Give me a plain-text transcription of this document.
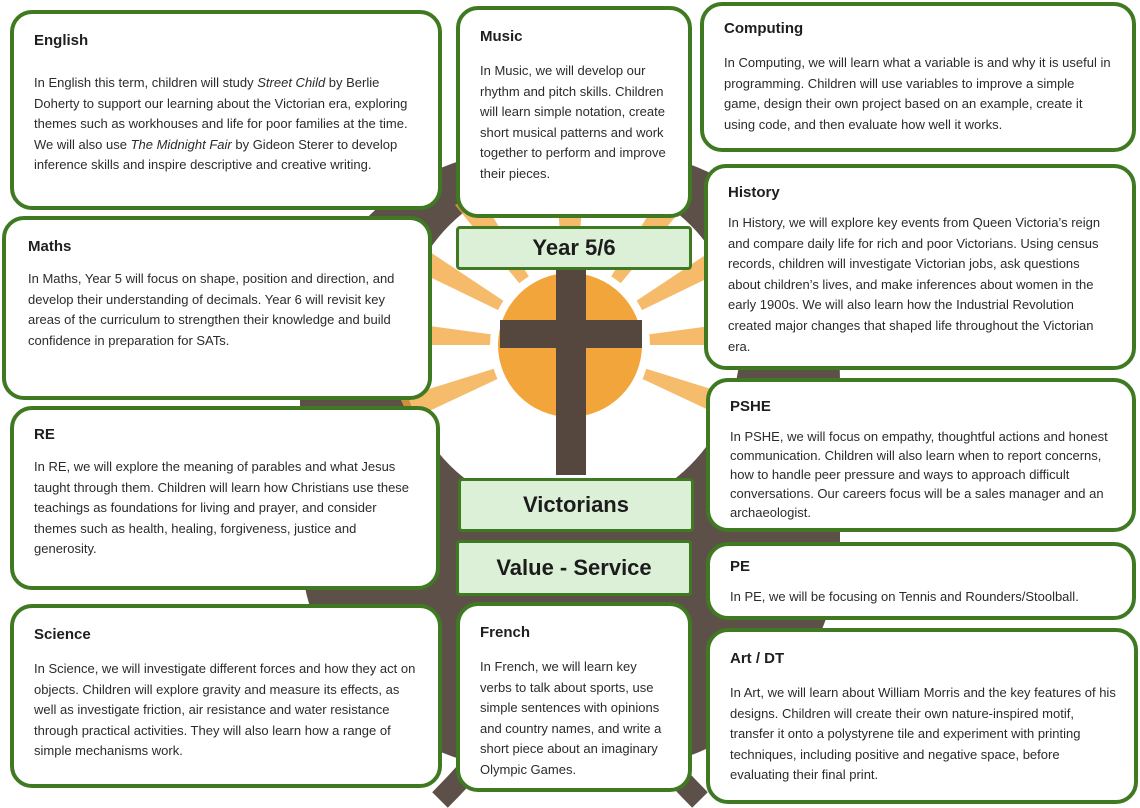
English

In English this term, children will study Street Child by Berlie Doherty to support our learning about the Victorian era, exploring themes such as workhouses and life for poor families at the time. We will also use The Midnight Fair by Gideon Sterer to develop inference skills and inspire descriptive and creative writing.

Maths

In Maths, Year 5 will focus on shape, position and direction, and develop their understanding of decimals. Year 6 will revisit key areas of the curriculum to strengthen their knowledge and build confidence in preparation for SATs.

RE

In RE, we will explore the meaning of parables and what Jesus taught through them. Children will learn how Christians use these teachings as foundations for living and prayer, and consider themes such as health, healing, forgiveness, justice and generosity.

Science

In Science, we will investigate different forces and how they act on objects. Children will explore gravity and measure its effects, as well as investigate friction, air resistance and water resistance through practical activities. They will also learn how a range of simple mechanisms work.

Music

In Music, we will develop our rhythm and pitch skills. Children will learn simple notation, create short musical patterns and work together to perform and improve their pieces.

Year 5/6
Victorians
Value - Service
French

In French, we will learn key verbs to talk about sports, use simple sentences with opinions and country names, and write a short piece about an imaginary Olympic Games.

Computing

In Computing, we will learn what a variable is and why it is useful in programming. Children will use variables to improve a simple game, design their own project based on an example, create it using code, and then evaluate how well it works.

History

In History, we will explore key events from Queen Victoria’s reign and compare daily life for rich and poor Victorians. Using census records, children will investigate Victorian jobs, ask questions about children’s lives, and make inferences about women in the early 1900s. We will also learn how the Industrial Revolution created major changes that shaped life throughout the Victorian era.

PSHE

In PSHE, we will focus on empathy, thoughtful actions and honest communication. Children will also learn when to report concerns, how to handle peer pressure and ways to approach difficult conversations. Our careers focus will be a sales manager and an archaeologist.

PE

In PE, we will be focusing on Tennis and Rounders/Stoolball.

Art / DT

In Art, we will learn about William Morris and the key features of his designs. Children will create their own nature-inspired motif, transfer it onto a polystyrene tile and experiment with printing techniques, including positive and negative space, before evaluating their final print.
